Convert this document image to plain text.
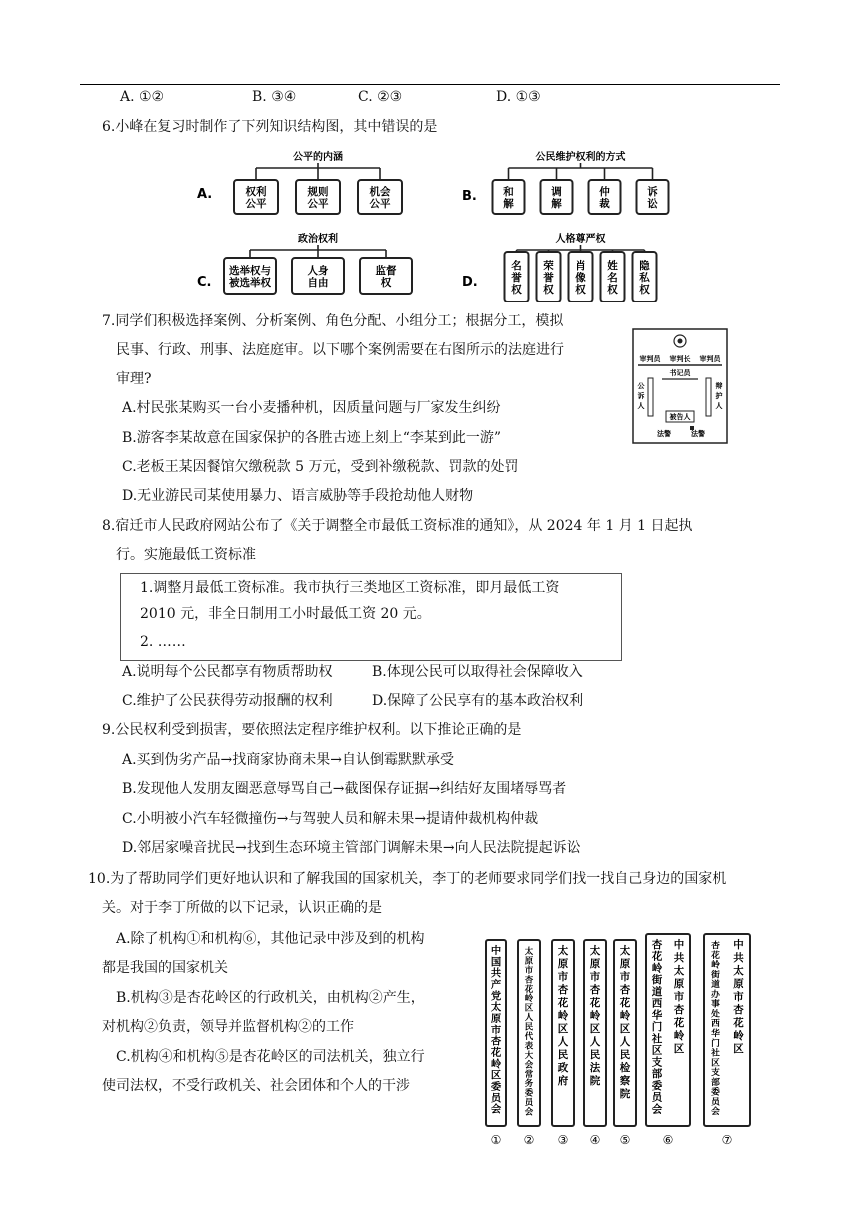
A. ①②	B. ③④	C. ②③	D. ①③
6.小峰在复习时制作了下列知识结构图，其中错误的是
公平的内涵
权利
公平
规则
公平
机会
公平
A.
公民维护权利的方式
和
解
调
解
仲
裁
诉
讼
B.
政治权利
选举权与
被选举权
人身
自由
监督
权
C.
人格尊严权
名
誉
权
荣
誉
权
肖
像
权
姓
名
权
隐
私
权
D.
7.同学们积极选择案例、分析案例、角色分配、小组分工；根据分工，模拟
民事、行政、刑事、法庭庭审。以下哪个案例需要在右图所示的法庭进行
审理?
A.村民张某购买一台小麦播种机，因质量问题与厂家发生纠纷
B.游客李某故意在国家保护的各胜古迹上刻上“李某到此一游”
C.老板王某因餐馆欠缴税款 5 万元，受到补缴税款、罚款的处罚
D.无业游民司某使用暴力、语言威胁等手段抢劫他人财物
审判员 审判长 审判员
书记员
公
诉
人
辩
护
人
被告人
法警	法警
8.宿迁市人民政府网站公布了《关于调整全市最低工资标准的通知》，从 2024 年 1 月 1 日起执
行。实施最低工资标准
1.调整月最低工资标准。我市执行三类地区工资标准，即月最低工资
2010 元，非全日制用工小时最低工资 20 元。
2. ……
A.说明每个公民都享有物质帮助权	B.体现公民可以取得社会保障收入
C.维护了公民获得劳动报酬的权利	D.保障了公民享有的基本政治权利
9.公民权利受到损害，要依照法定程序维护权利。以下推论正确的是
A.买到伪劣产品→找商家协商未果→自认倒霉默默承受
B.发现他人发朋友圈恶意辱骂自己→截图保存证据→纠结好友围堵辱骂者
C.小明被小汽车轻微撞伤→与驾驶人员和解未果→提请仲裁机构仲裁
D.邻居家噪音扰民→找到生态环境主管部门调解未果→向人民法院提起诉讼
10.为了帮助同学们更好地认识和了解我国的国家机关，李丁的老师要求同学们找一找自己身边的国家机
关。对于李丁所做的以下记录，认识正确的是
A.除了机构①和机构⑥，其他记录中涉及到的机构
都是我国的国家机关
B.机构③是杏花岭区的行政机关，由机构②产生，
对机构②负责，领导并监督机构②的工作
C.机构④和机构⑤是杏花岭区的司法机关，独立行
使司法权，不受行政机关、社会团体和个人的干涉
中
国
共
产
党
太
原
市
杏
花
岭
区
委
员
会
①
太
原
市
杏
花
岭
区
人
民
代
表
大
会
常
务
委
员
会
②
太
原
市
杏
花
岭
区
人
民
政
府
③
太
原
市
杏
花
岭
区
人
民
法
院
④
太
原
市
杏
花
岭
区
人
民
检
察
院
⑤
中
共
太
原
市
杏
花
岭
区
杏
花
岭
街
道
西
华
门
社
区
支
部
委
员
会
⑥
中
共
太
原
市
杏
花
岭
区
杏
花
岭
街
道
办
事
处
西
华
门
社
区
支
部
委
员
会
⑦
